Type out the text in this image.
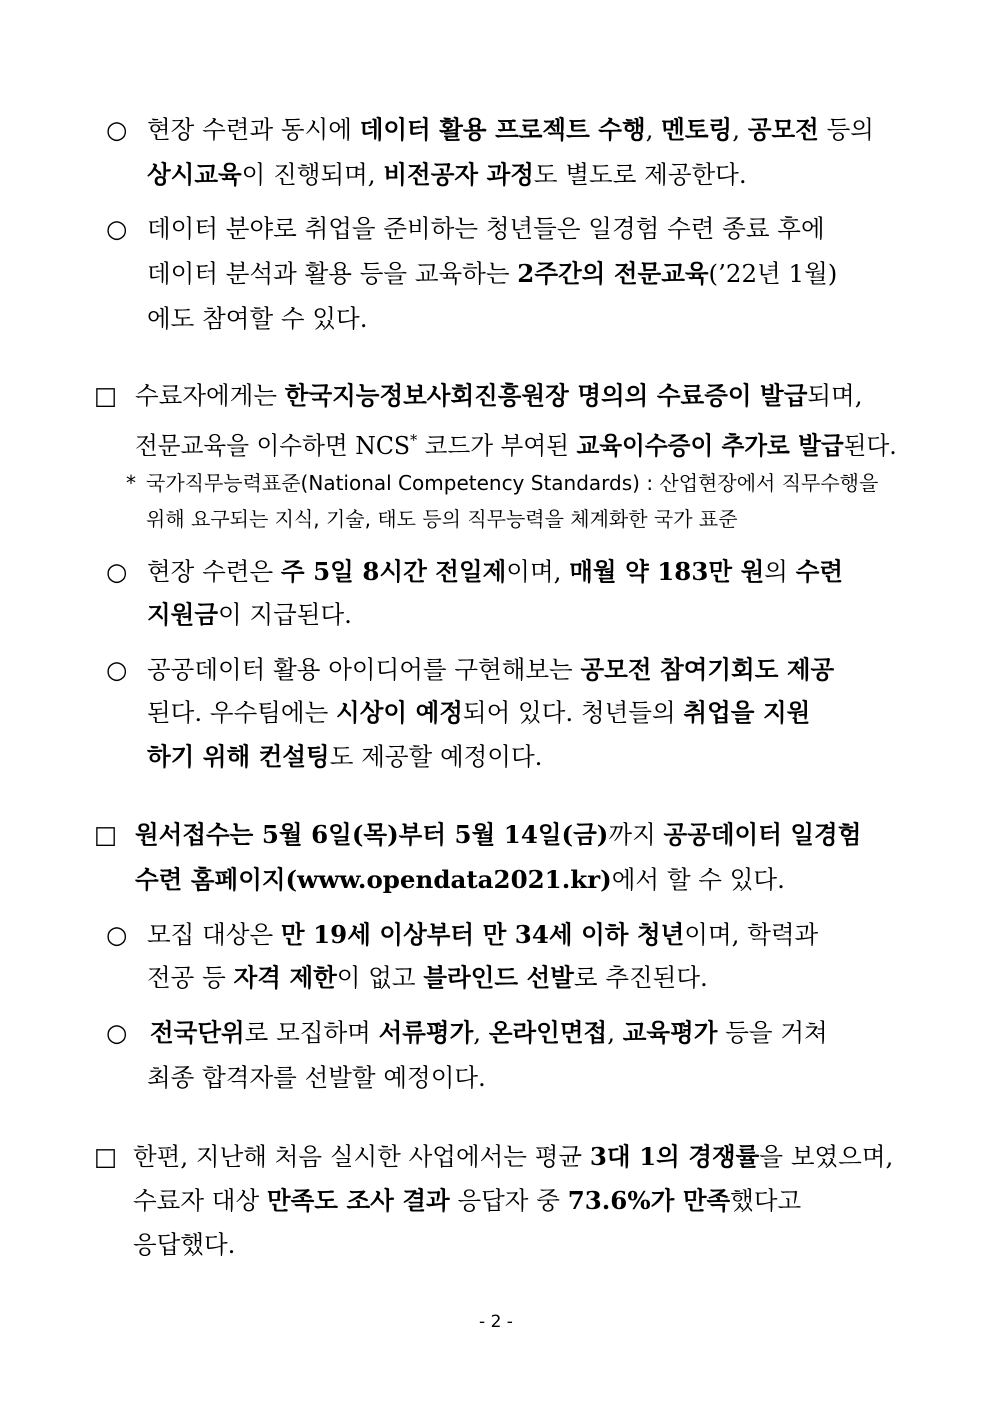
○ 현장 수련과 동시에 데이터 활용 프로젝트 수행, 멘토링, 공모전 등의
상시교육이 진행되며, 비전공자 과정도 별도로 제공한다.
○ 데이터 분야로 취업을 준비하는 청년들은 일경험 수련 종료 후에
데이터 분석과 활용 등을 교육하는 2주간의 전문교육(’22년 1월)
에도 참여할 수 있다.
□ 수료자에게는 한국지능정보사회진흥원장 명의의 수료증이 발급되며,
전문교육을 이수하면 NCS* 코드가 부여된 교육이수증이 추가로 발급된다.
* 국가직무능력표준(National Competency Standards) : 산업현장에서 직무수행을
위해 요구되는 지식, 기술, 태도 등의 직무능력을 체계화한 국가 표준
○ 현장 수련은 주 5일 8시간 전일제이며, 매월 약 183만 원의 수련
지원금이 지급된다.
○ 공공데이터 활용 아이디어를 구현해보는 공모전 참여기회도 제공
된다. 우수팀에는 시상이 예정되어 있다. 청년들의 취업을 지원
하기 위해 컨설팅도 제공할 예정이다.
□ 원서접수는 5월 6일(목)부터 5월 14일(금)까지 공공데이터 일경험
수련 홈페이지(www.opendata2021.kr)에서 할 수 있다.
○ 모집 대상은 만 19세 이상부터 만 34세 이하 청년이며, 학력과
전공 등 자격 제한이 없고 블라인드 선발로 추진된다.
○ 전국단위로 모집하며 서류평가, 온라인면접, 교육평가 등을 거쳐
최종 합격자를 선발할 예정이다.
□ 한편, 지난해 처음 실시한 사업에서는 평균 3대 1의 경쟁률을 보였으며,
수료자 대상 만족도 조사 결과 응답자 중 73.6%가 만족했다고
응답했다.
- 2 -
